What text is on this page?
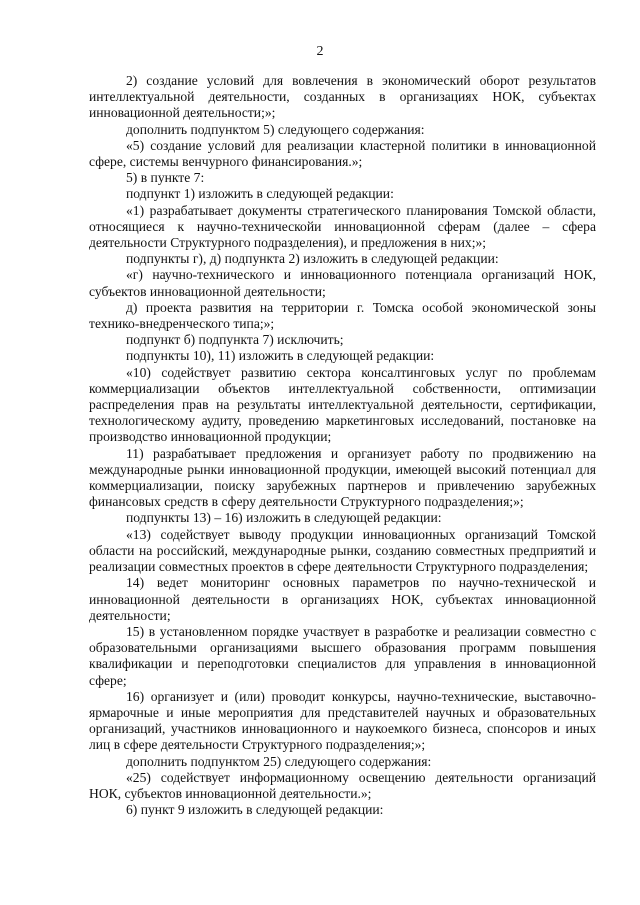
2

2) создание условий для вовлечения в экономический оборот результатов интеллектуальной деятельности, созданных в организациях НОК, субъектах инновационной деятельности;»;

дополнить подпунктом 5) следующего содержания:

«5) создание условий для реализации кластерной политики в инновационной сфере, системы венчурного финансирования.»;

5) в пункте 7:

подпункт 1) изложить в следующей редакции:

«1) разрабатывает документы стратегического планирования Томской области, относящиеся к научно-техническойи инновационной сферам (далее – сфера деятельности Структурного подразделения), и предложения в них;»;

подпункты г), д) подпункта 2) изложить в следующей редакции:

«г) научно-технического и инновационного потенциала организаций НОК, субъектов инновационной деятельности;

д) проекта развития на территории г. Томска особой экономической зоны технико-внедренческого типа;»;

подпункт б) подпункта 7) исключить;

подпункты 10), 11) изложить в следующей редакции:

«10) содействует развитию сектора консалтинговых услуг по проблемам коммерциализации объектов интеллектуальной собственности, оптимизации распределения прав на результаты интеллектуальной деятельности, сертификации, технологическому аудиту, проведению маркетинговых исследований, постановке на производство инновационной продукции;

11) разрабатывает предложения и организует работу по продвижению на международные рынки инновационной продукции, имеющей высокий потенциал для коммерциализации, поиску зарубежных партнеров и привлечению зарубежных финансовых средств в сферу деятельности Структурного подразделения;»;

подпункты 13) – 16) изложить в следующей редакции:

«13) содействует выводу продукции инновационных организаций Томской области на российский, международные рынки, созданию совместных предприятий и реализации совместных проектов в сфере деятельности Структурного подразделения;

14) ведет мониторинг основных параметров по научно-технической и инновационной деятельности в организациях НОК, субъектах инновационной деятельности;

15) в установленном порядке участвует в разработке и реализации совместно с образовательными организациями высшего образования программ повышения квалификации и переподготовки специалистов для управления в инновационной сфере;

16) организует и (или) проводит конкурсы, научно-технические, выставочно-ярмарочные и иные мероприятия для представителей научных и образовательных организаций, участников инновационного и наукоемкого бизнеса, спонсоров и иных лиц в сфере деятельности Структурного подразделения;»;

дополнить подпунктом 25) следующего содержания:

«25) содействует информационному освещению деятельности организаций НОК, субъектов инновационной деятельности.»;

6) пункт 9 изложить в следующей редакции:
